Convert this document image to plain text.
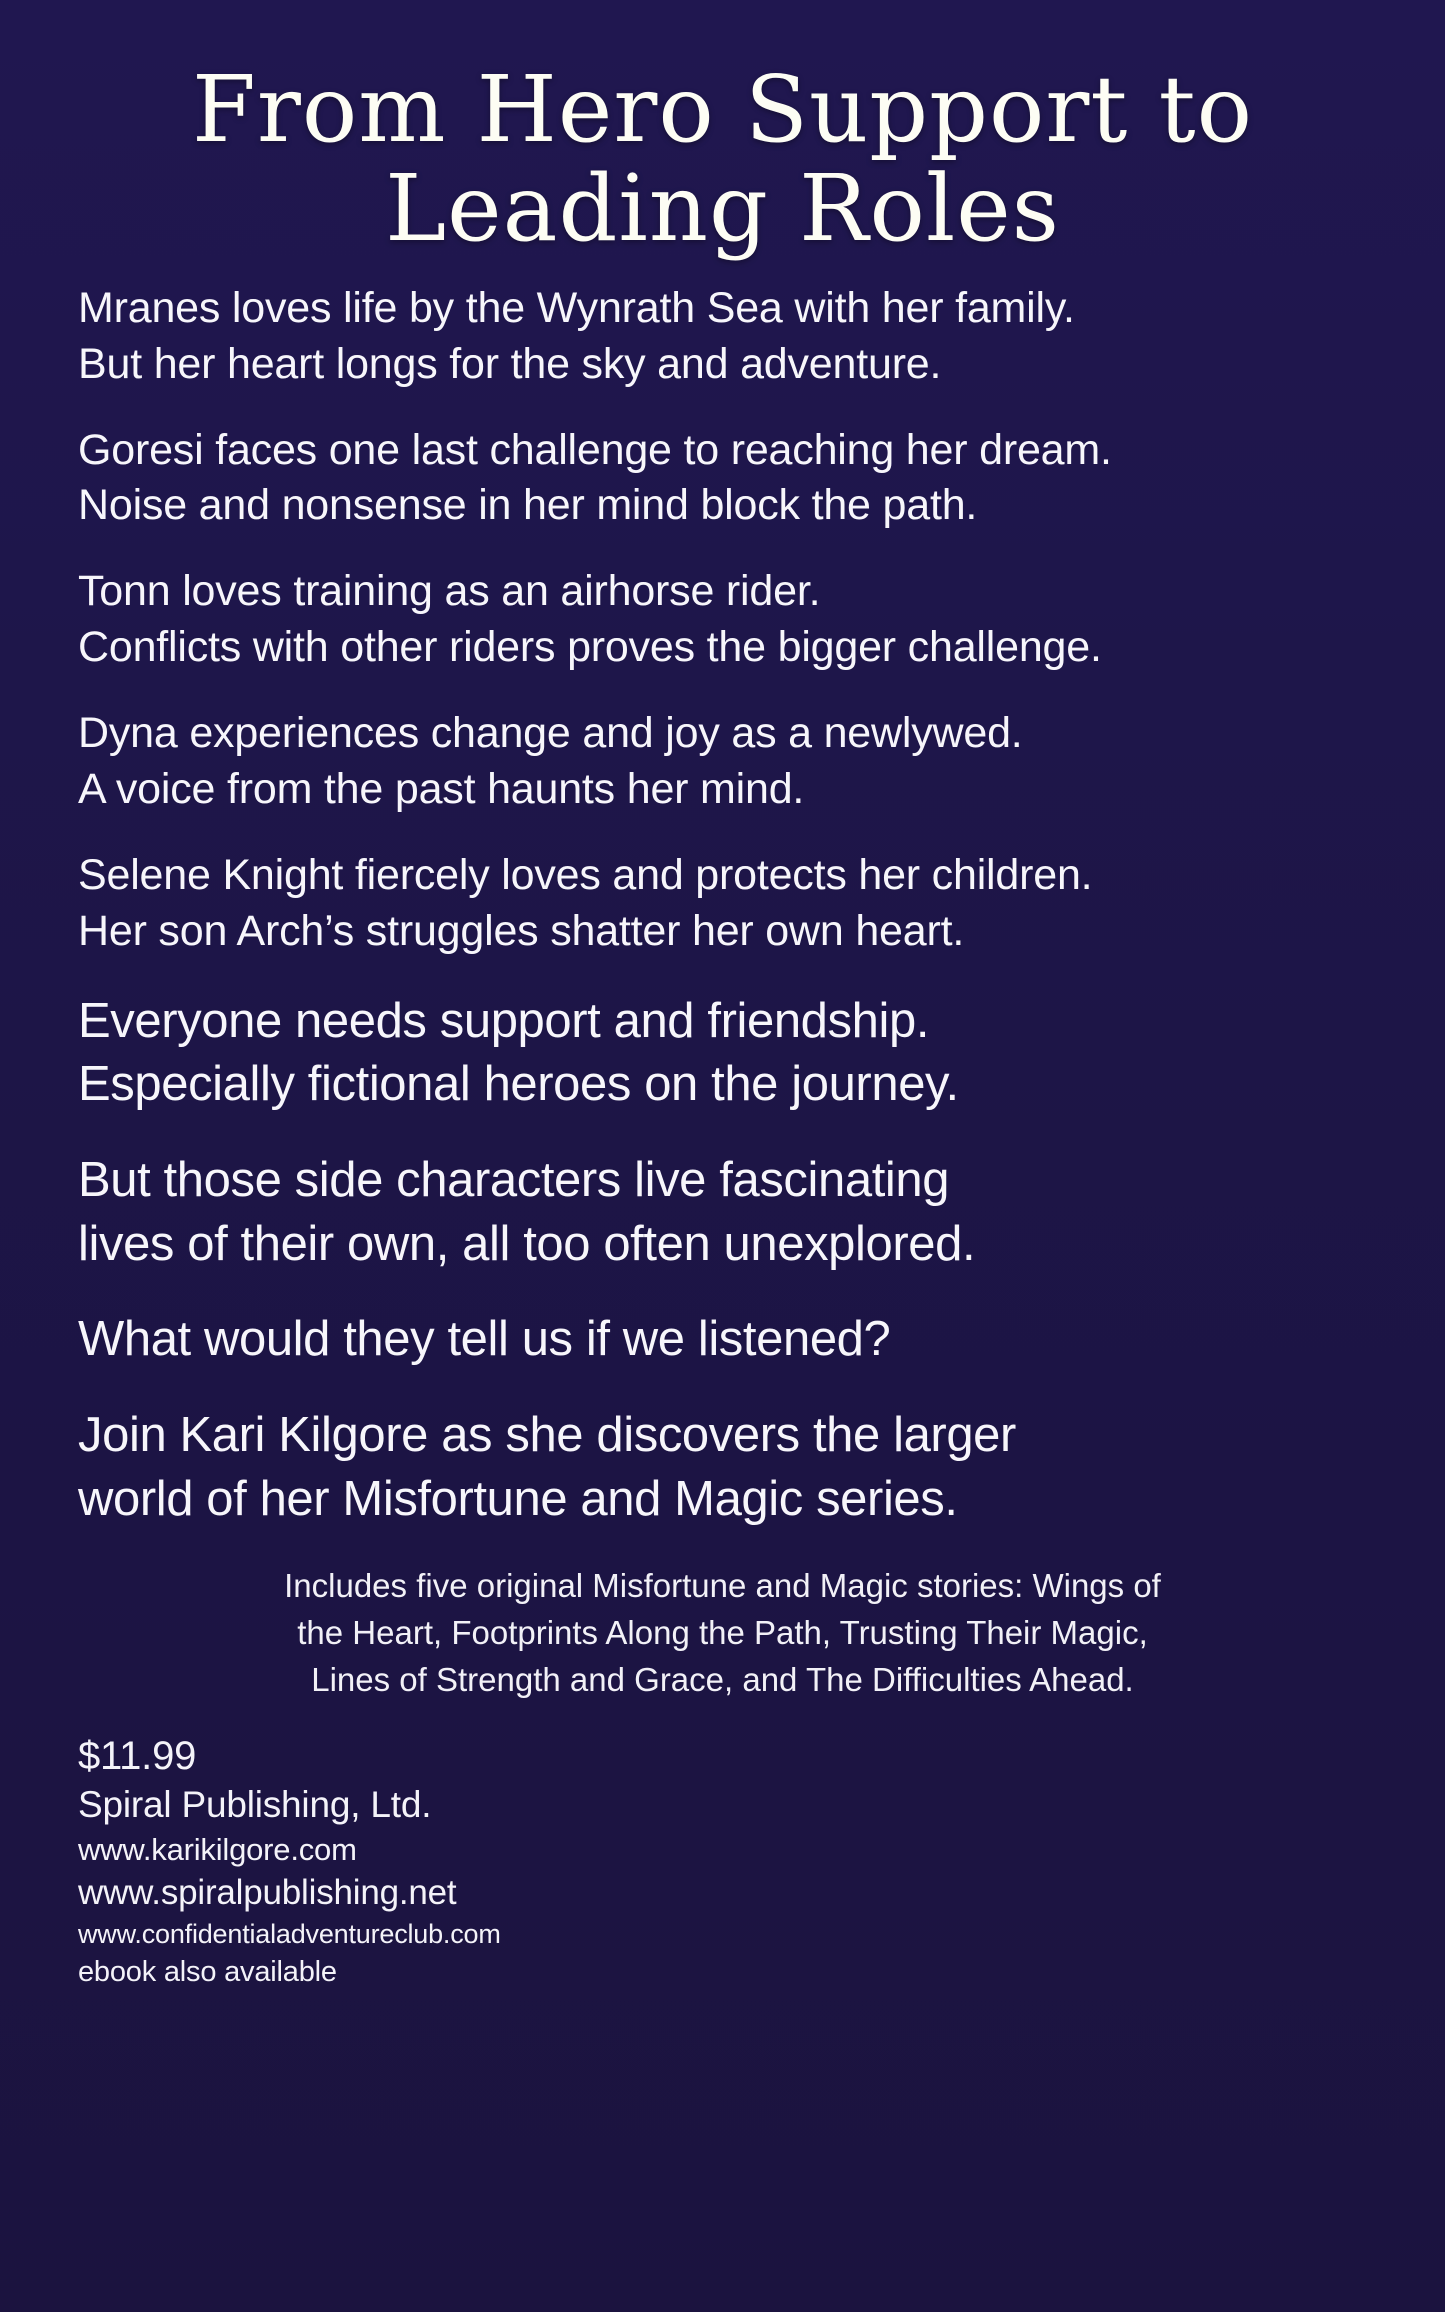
From Hero Support to
Leading Roles

Mranes loves life by the Wynrath Sea with her family.
But her heart longs for the sky and adventure.

Goresi faces one last challenge to reaching her dream.
Noise and nonsense in her mind block the path.

Tonn loves training as an airhorse rider.
Conflicts with other riders proves the bigger challenge.

Dyna experiences change and joy as a newlywed.
A voice from the past haunts her mind.

Selene Knight fiercely loves and protects her children.
Her son Arch’s struggles shatter her own heart.

Everyone needs support and friendship.
Especially fictional heroes on the journey.

But those side characters live fascinating
lives of their own, all too often unexplored.

What would they tell us if we listened?

Join Kari Kilgore as she discovers the larger
world of her Misfortune and Magic series.

Includes five original Misfortune and Magic stories: Wings of
the Heart, Footprints Along the Path, Trusting Their Magic,
Lines of Strength and Grace, and The Difficulties Ahead.
$11.99
Spiral Publishing, Ltd.
www.karikilgore.com
www.spiralpublishing.net
www.confidentialadventureclub.com
ebook also available
